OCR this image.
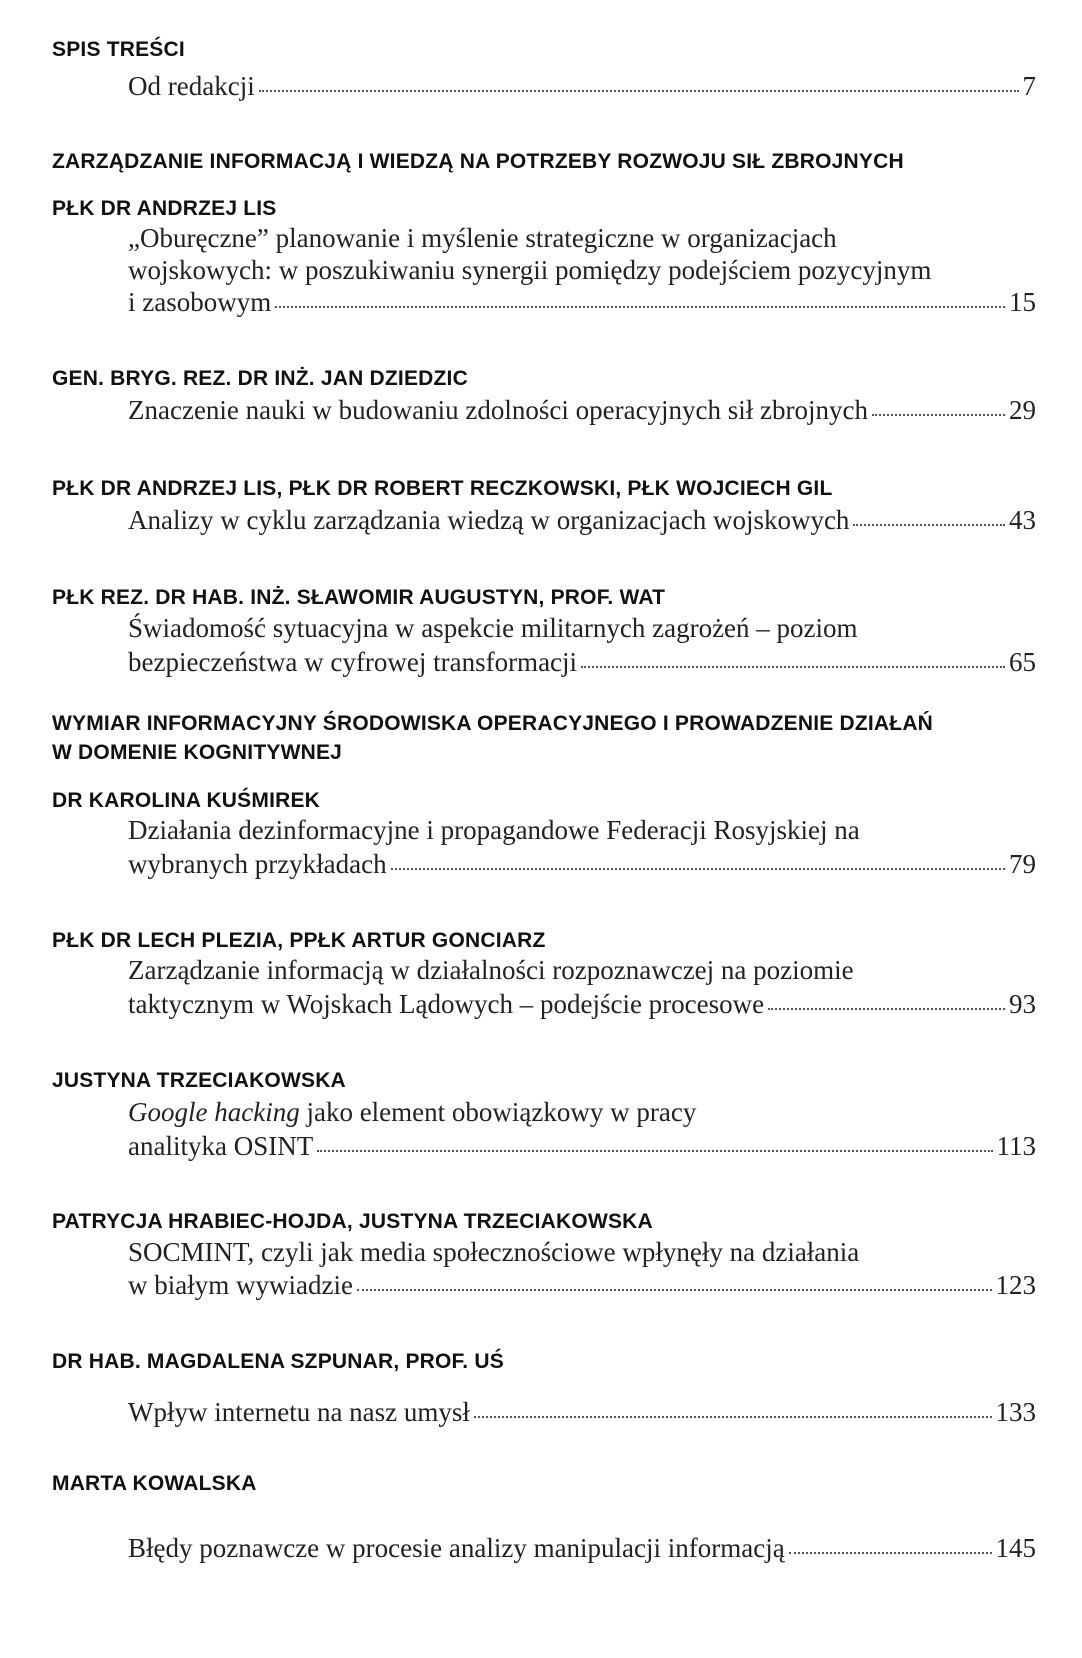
SPIS TREŚCI
Od redakcji	7
ZARZĄDZANIE INFORMACJĄ I WIEDZĄ NA POTRZEBY ROZWOJU SIŁ ZBROJNYCH
PŁK DR ANDRZEJ LIS
„Oburęczne” planowanie i myślenie strategiczne w organizacjach
wojskowych: w poszukiwaniu synergii pomiędzy podejściem pozycyjnym
i zasobowym	15
GEN. BRYG. REZ. DR INŻ. JAN DZIEDZIC
Znaczenie nauki w budowaniu zdolności operacyjnych sił zbrojnych	29
PŁK DR ANDRZEJ LIS, PŁK DR ROBERT RECZKOWSKI, PŁK WOJCIECH GIL
Analizy w cyklu zarządzania wiedzą w organizacjach wojskowych	43
PŁK REZ. DR HAB. INŻ. SŁAWOMIR AUGUSTYN, PROF. WAT
Świadomość sytuacyjna w aspekcie militarnych zagrożeń – poziom
bezpieczeństwa w cyfrowej transformacji	65
WYMIAR INFORMACYJNY ŚRODOWISKA OPERACYJNEGO I PROWADZENIE DZIAŁAŃ
W DOMENIE KOGNITYWNEJ
DR KAROLINA KUŚMIREK
Działania dezinformacyjne i propagandowe Federacji Rosyjskiej na
wybranych przykładach	79
PŁK DR LECH PLEZIA, PPŁK ARTUR GONCIARZ
Zarządzanie informacją w działalności rozpoznawczej na poziomie
taktycznym w Wojskach Lądowych – podejście procesowe	93
JUSTYNA TRZECIAKOWSKA
Google hacking jako element obowiązkowy w pracy
analityka OSINT	113
PATRYCJA HRABIEC-HOJDA, JUSTYNA TRZECIAKOWSKA
SOCMINT, czyli jak media społecznościowe wpłynęły na działania
w białym wywiadzie	123
DR HAB. MAGDALENA SZPUNAR, PROF. UŚ
Wpływ internetu na nasz umysł	133
MARTA KOWALSKA
Błędy poznawcze w procesie analizy manipulacji informacją	145
